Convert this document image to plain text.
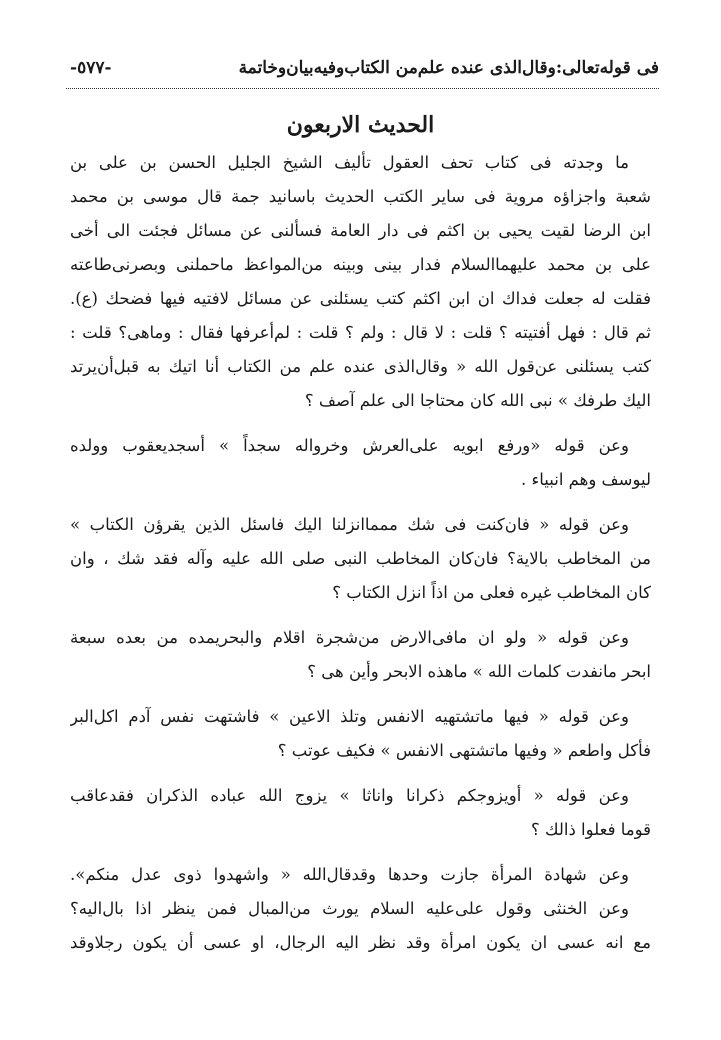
فى قوله‌تعالى:وقال‌الذى عنده علم‌من الكتاب‌وفيه‌بيان‌وخاتمة
-٥٧٧-
الحديث الاربعون
ما وجدته فى كتاب تحف العقول تأليف الشيخ الجليل الحسن بن على بن
شعبة واجزاؤه مروية فى ساير الكتب الحديث باسانيد جمة قال موسى بن محمد
ابن الرضا لقيت يحيى بن اكثم فى دار العامة فسألنى عن مسائل فجئت الى أخى
على بن محمد عليهماالسلام فدار بينى وبينه من‌المواعظ ماحملنى وبصرنى‌طاعته
فقلت له جعلت فداك ان ابن اكثم كتب يسئلنى عن مسائل لافتيه فيها فضحك (ع).
ثم قال : فهل أفتيته ؟ قلت : لا قال : ولم ؟ قلت : لم‌أعرفها فقال : وماهى؟ قلت :
كتب يسئلنى عن‌قول الله « وقال‌الذى عنده علم من الكتاب أنا اتيك به قبل‌أن‌يرتد
اليك طرفك » نبى الله كان محتاجا الى علم آصف ؟
وعن قوله «ورفع ابويه على‌العرش وخرواله سجداً » أسجديعقوب وولده
ليوسف وهم انبياء .
وعن قوله « فان‌كنت فى شك ممماانزلنا اليك فاسئل الذين يقرؤن الكتاب »
من المخاطب بالاية؟ فان‌كان المخاطب النبى صلى الله عليه وآله فقد شك ، وان
كان المخاطب غيره فعلى من اذاً انزل الكتاب ؟
وعن قوله « ولو ان مافى‌الارض من‌شجرة اقلام والبحريمده من بعده سبعة
ابحر مانفدت كلمات الله » ماهذه الابحر وأين هى ؟
وعن قوله « فيها ماتشتهيه الانفس وتلذ الاعين » فاشتهت نفس آدم اكل‌البر
فأكل واطعم « وفيها ماتشتهى الانفس » فكيف عوتب ؟
وعن قوله « أويزوجكم ذكرانا واناثا » يزوج الله عباده الذكران فقدعاقب
قوما فعلوا ذالك ؟
وعن شهادة المرأة جازت وحدها وقدقال‌الله « واشهدوا ذوى عدل منكم».
وعن الخنثى وقول على‌عليه السلام يورث من‌المبال فمن ينظر اذا بال‌اليه؟
مع انه عسى ان يكون امرأة وقد نظر اليه الرجال، او عسى أن يكون رجلاوقد
